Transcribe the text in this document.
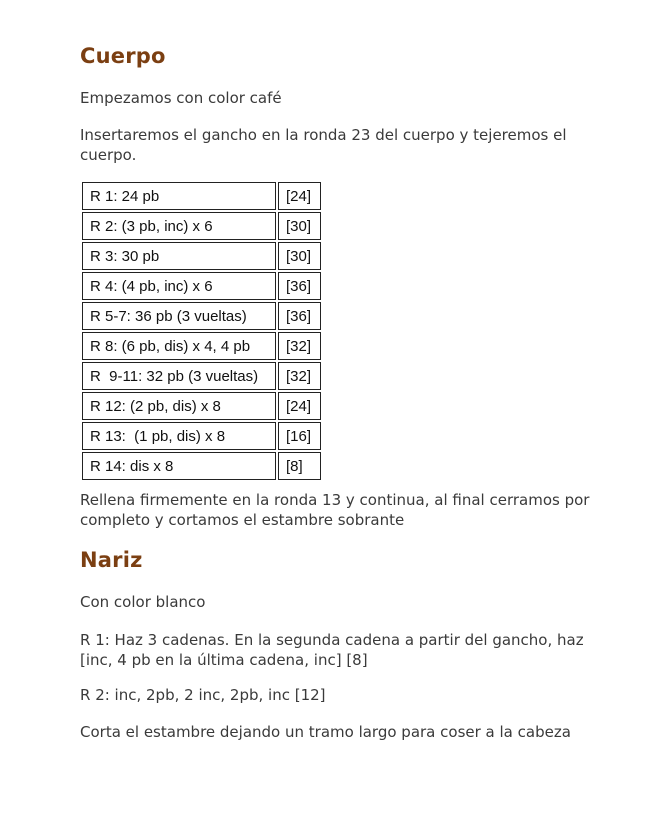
Cuerpo

Empezamos con color café

Insertaremos el gancho en la ronda 23 del cuerpo y tejeremos el cuerpo.

R 1: 24 pb	[24]
R 2: (3 pb, inc) x 6	[30]
R 3: 30 pb	[30]
R 4: (4 pb, inc) x 6	[36]
R 5-7: 36 pb (3 vueltas)	[36]
R 8: (6 pb, dis) x 4, 4 pb	[32]
R  9-11: 32 pb (3 vueltas)	[32]
R 12: (2 pb, dis) x 8	[24]
R 13:  (1 pb, dis) x 8	[16]
R 14: dis x 8	[8]

Rellena firmemente en la ronda 13 y continua, al final cerramos por completo y cortamos el estambre sobrante

Nariz

Con color blanco

R 1: Haz 3 cadenas. En la segunda cadena a partir del gancho, haz [inc, 4 pb en la última cadena, inc] [8]

R 2: inc, 2pb, 2 inc, 2pb, inc [12]

Corta el estambre dejando un tramo largo para coser a la cabeza
